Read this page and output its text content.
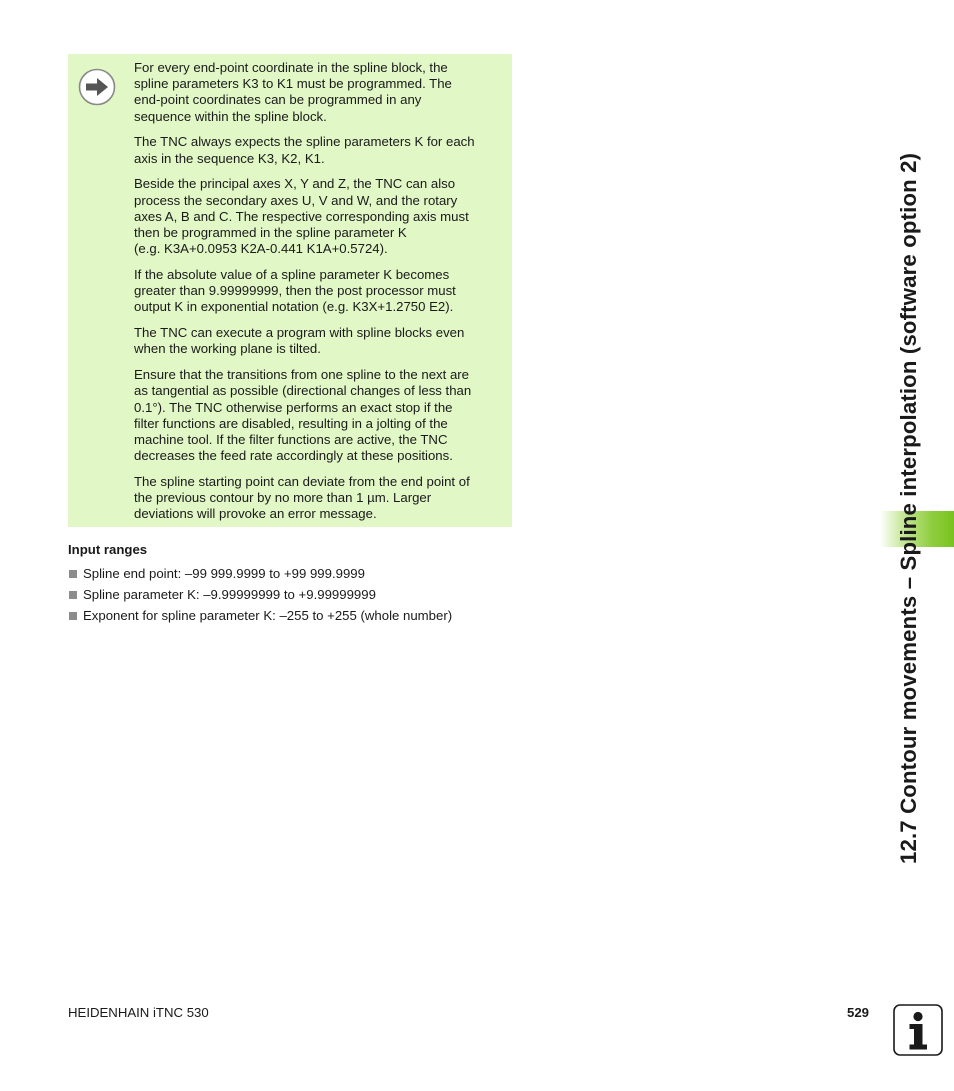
For every end-point coordinate in the spline block, the
spline parameters K3 to K1 must be programmed. The
end-point coordinates can be programmed in any
sequence within the spline block.

The TNC always expects the spline parameters K for each
axis in the sequence K3, K2, K1.

Beside the principal axes X, Y and Z, the TNC can also
process the secondary axes U, V and W, and the rotary
axes A, B and C. The respective corresponding axis must
then be programmed in the spline parameter K
(e.g. K3A+0.0953 K2A-0.441 K1A+0.5724).

If the absolute value of a spline parameter K becomes
greater than 9.99999999, then the post processor must
output K in exponential notation (e.g. K3X+1.2750 E2).

The TNC can execute a program with spline blocks even
when the working plane is tilted.

Ensure that the transitions from one spline to the next are
as tangential as possible (directional changes of less than
0.1°). The TNC otherwise performs an exact stop if the
filter functions are disabled, resulting in a jolting of the
machine tool. If the filter functions are active, the TNC
decreases the feed rate accordingly at these positions.

The spline starting point can deviate from the end point of
the previous contour by no more than 1 µm. Larger
deviations will provoke an error message.

Input ranges
Spline end point: –99 999.9999 to +99 999.9999
Spline parameter K: –9.99999999 to +9.99999999
Exponent for spline parameter K: –255 to +255 (whole number)	12.7 Contour movements – Spline interpolation (software option 2)
HEIDENHAIN iTNC 530	529
